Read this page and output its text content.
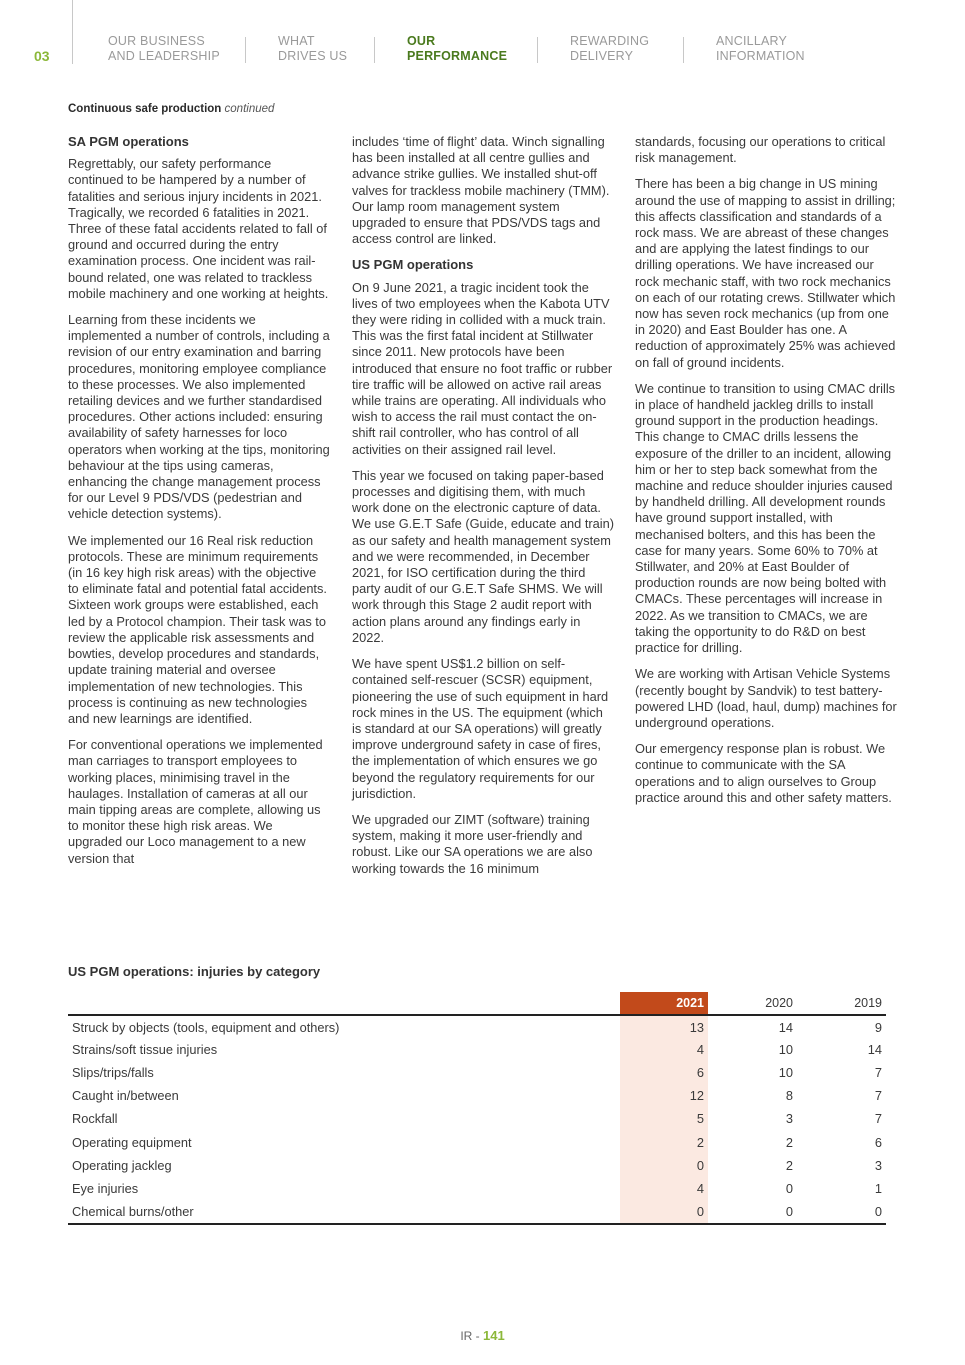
03
OUR BUSINESS
AND LEADERSHIP
WHAT
DRIVES US
OUR
PERFORMANCE
REWARDING
DELIVERY
ANCILLARY
INFORMATION
Continuous safe production continued
SA PGM operations

Regrettably, our safety performance continued to be hampered by a number of fatalities and serious injury incidents in 2021. Tragically, we recorded 6 fatalities in 2021. Three of these fatal accidents related to fall of ground and occurred during the entry examination process. One incident was rail-bound related, one was related to trackless mobile machinery and one working at heights.

Learning from these incidents we implemented a number of controls, including a revision of our entry examination and barring procedures, monitoring employee compliance to these processes. We also implemented retailing devices and we further standardised procedures. Other actions included: ensuring availability of safety harnesses for loco operators when working at the tips, monitoring behaviour at the tips using cameras, enhancing the change management process for our Level 9 PDS/VDS (pedestrian and vehicle detection systems).

We implemented our 16 Real risk reduction protocols. These are minimum requirements (in 16 key high risk areas) with the objective to eliminate fatal and potential fatal accidents. Sixteen work groups were established, each led by a Protocol champion. Their task was to review the applicable risk assessments and bowties, develop procedures and standards, update training material and oversee implementation of new technologies. This process is continuing as new technologies and new learnings are identified.

For conventional operations we implemented man carriages to transport employees to working places, minimising travel in the haulages. Installation of cameras at all our main tipping areas are complete, allowing us to monitor these high risk areas. We upgraded our Loco management to a new version that

includes ‘time of flight’ data. Winch signalling has been installed at all centre gullies and advance strike gullies. We installed shut-off valves for trackless mobile machinery (TMM). Our lamp room management system upgraded to ensure that PDS/VDS tags and access control are linked.

US PGM operations

On 9 June 2021, a tragic incident took the lives of two employees when the Kabota UTV they were riding in collided with a muck train. This was the first fatal incident at Stillwater since 2011. New protocols have been introduced that ensure no foot traffic or rubber tire traffic will be allowed on active rail areas while trains are operating. All individuals who wish to access the rail must contact the on-shift rail controller, who has control of all activities on their assigned rail level.

This year we focused on taking paper-based processes and digitising them, with much work done on the electronic capture of data. We use G.E.T Safe (Guide, educate and train) as our safety and health management system and we were recommended, in December 2021, for ISO certification during the third party audit of our G.E.T Safe SHMS. We will work through this Stage 2 audit report with action plans around any findings early in 2022.

We have spent US$1.2 billion on self-contained self-rescuer (SCSR) equipment, pioneering the use of such equipment in hard rock mines in the US. The equipment (which is standard at our SA operations) will greatly improve underground safety in case of fires, the implementation of which ensures we go beyond the regulatory requirements for our jurisdiction.

We upgraded our ZIMT (software) training system, making it more user-friendly and robust. Like our SA operations we are also working towards the 16 minimum

standards, focusing our operations to critical risk management.

There has been a big change in US mining around the use of mapping to assist in drilling; this affects classification and standards of a rock mass. We are abreast of these changes and are applying the latest findings to our drilling operations. We have increased our rock mechanic staff, with two rock mechanics on each of our rotating crews. Stillwater which now has seven rock mechanics (up from one in 2020) and East Boulder has one. A reduction of approximately 25% was achieved on fall of ground incidents.

We continue to transition to using CMAC drills in place of handheld jackleg drills to install ground support in the production headings. This change to CMAC drills lessens the exposure of the driller to an incident, allowing him or her to step back somewhat from the machine and reduce shoulder injuries caused by handheld drilling. All development rounds have ground support installed, with mechanised bolters, and this has been the case for many years. Some 60% to 70% at Stillwater, and 20% at East Boulder of production rounds are now being bolted with CMACs. These percentages will increase in 2022. As we transition to CMACs, we are taking the opportunity to do R&D on best practice for drilling.

We are working with Artisan Vehicle Systems (recently bought by Sandvik) to test battery-powered LHD (load, haul, dump) machines for underground operations.

Our emergency response plan is robust. We continue to communicate with the SA operations and to align ourselves to Group practice around this and other safety matters.

US PGM operations: injuries by category
	2021	2020	2019
Struck by objects (tools, equipment and others)	13	14	9
Strains/soft tissue injuries	4	10	14
Slips/trips/falls	6	10	7
Caught in/between	12	8	7
Rockfall	5	3	7
Operating equipment	2	2	6
Operating jackleg	0	2	3
Eye injuries	4	0	1
Chemical burns/other	0	0	0
IR - 141
